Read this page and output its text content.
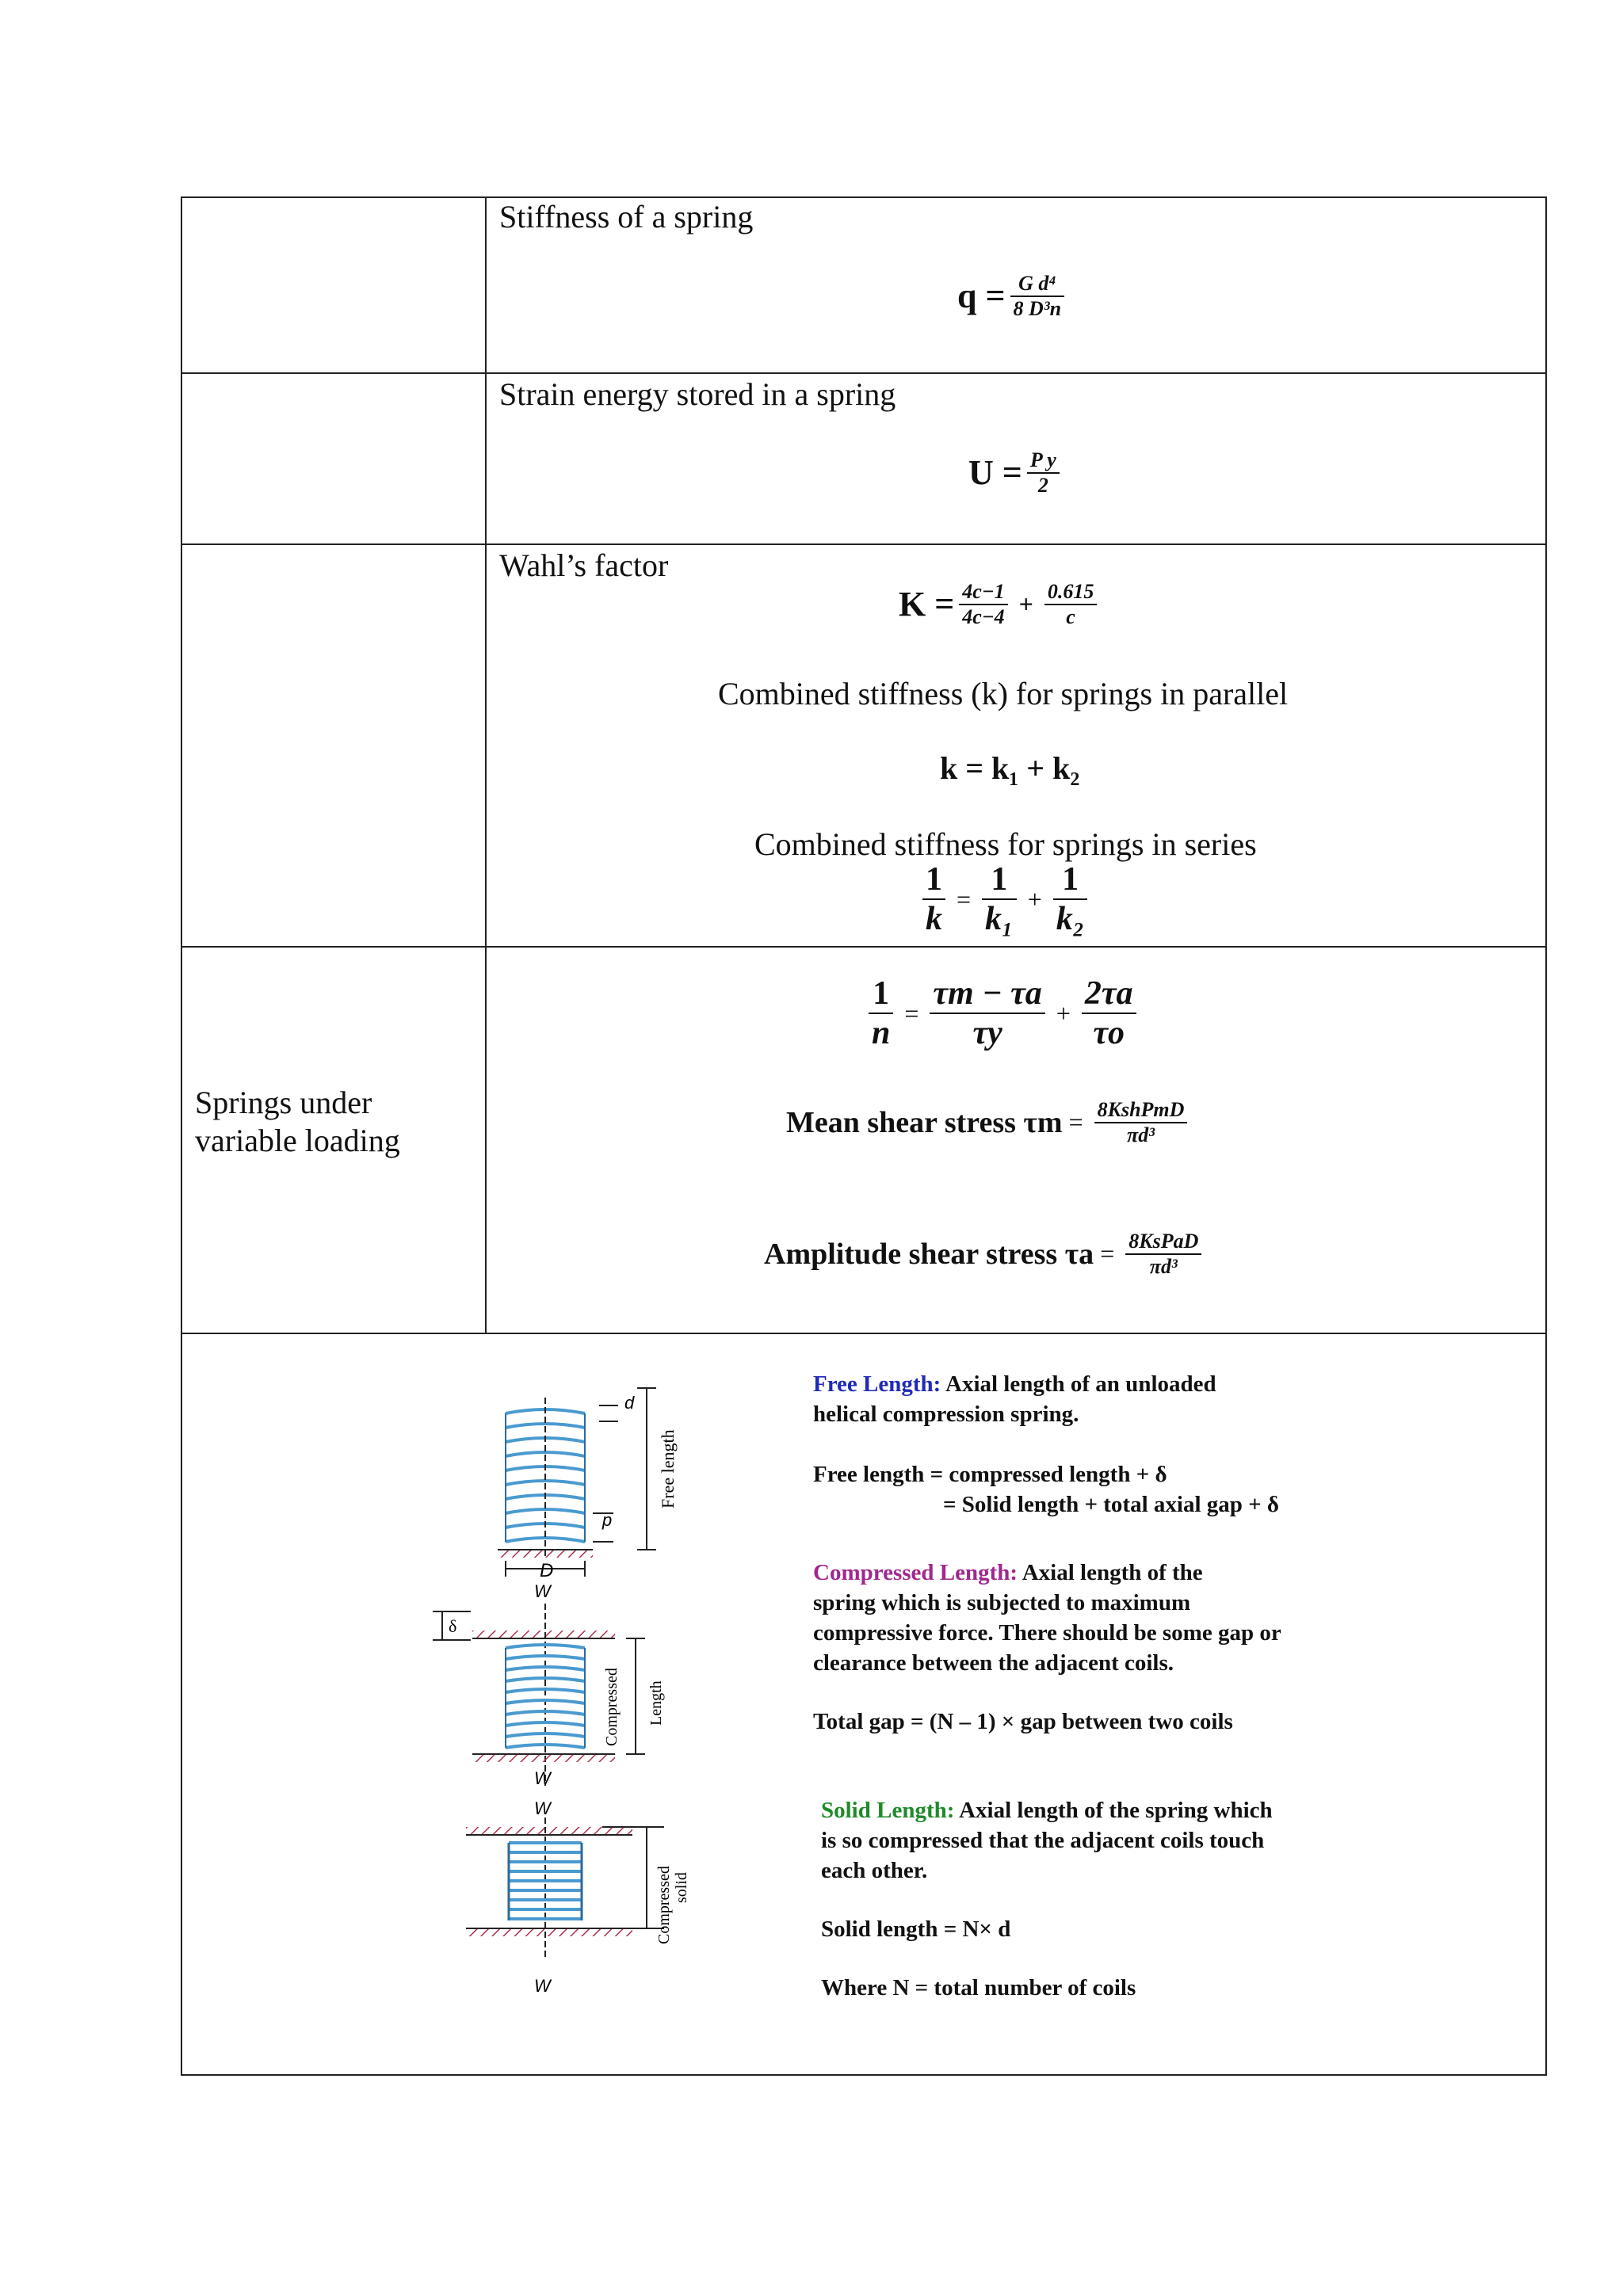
Stiffness of a spring
$q = \frac{\text{G d⁴}}{\text{8 D³n}}$
Strain energy stored in a spring
$U = \frac{\text{P y}}{2}$
Wahl’s factor
$K = \frac{4c-1}{4c-4} + \frac{0.615}{c}$
Combined stiffness (k) for springs in parallel
k = k₁ + k₂
Combined stiffness for springs in series
$\frac{1}{k} = \frac{1}{\text{k₁}} + \frac{1}{\text{k₂}}$
Springs under
variable loading
$\frac{1}{n} = \frac{\tau m - \tau a}{\tau y} + \frac{2\tau a}{\tau o}$
Mean shear stress $\tau m = \frac{\text{8KshPmD}}{\text{πd³}}$
Amplitude shear stress $\tau a = \frac{\text{8KsPaD}}{\text{πd³}}$
D
d
p
Free length
W
δ
Compressed Length
W
W
Compressed solid
W
Free Length: Axial length of an unloaded
helical compression spring.
Free length = compressed length + δ
= Solid length + total axial gap + δ
Compressed Length: Axial length of the
spring which is subjected to maximum
compressive force. There should be some gap or
clearance between the adjacent coils.
Total gap = (N – 1) × gap between two coils
Solid Length: Axial length of the spring which
is so compressed that the adjacent coils touch
each other.
Solid length = N× d
Where N = total number of coils
